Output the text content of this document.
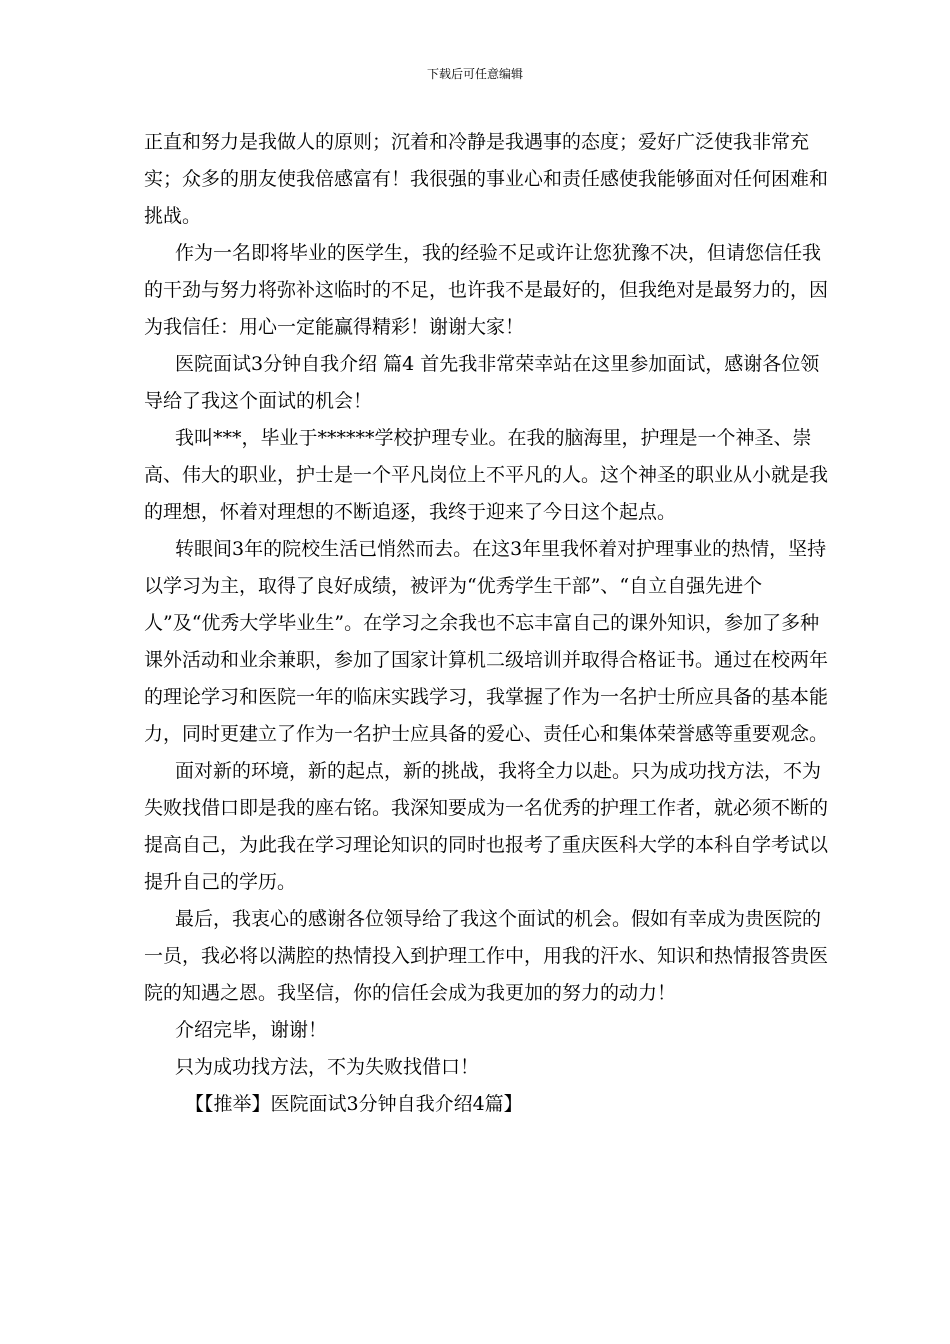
下载后可任意编辑

正直和努力是我做人的原则；沉着和冷静是我遇事的态度；爱好广泛使我非常充实；众多的朋友使我倍感富有！我很强的事业心和责任感使我能够面对任何困难和挑战。

作为一名即将毕业的医学生，我的经验不足或许让您犹豫不决，但请您信任我的干劲与努力将弥补这临时的不足，也许我不是最好的，但我绝对是最努力的，因为我信任：用心一定能赢得精彩！谢谢大家！

医院面试3分钟自我介绍 篇4 首先我非常荣幸站在这里参加面试，感谢各位领导给了我这个面试的机会！

我叫***，毕业于******学校护理专业。在我的脑海里，护理是一个神圣、崇高、伟大的职业，护士是一个平凡岗位上不平凡的人。这个神圣的职业从小就是我的理想，怀着对理想的不断追逐，我终于迎来了今日这个起点。

转眼间3年的院校生活已悄然而去。在这3年里我怀着对护理事业的热情，坚持以学习为主，取得了良好成绩，被评为“优秀学生干部”、“自立自强先进个人”及“优秀大学毕业生”。在学习之余我也不忘丰富自己的课外知识，参加了多种课外活动和业余兼职，参加了国家计算机二级培训并取得合格证书。通过在校两年的理论学习和医院一年的临床实践学习，我掌握了作为一名护士所应具备的基本能力，同时更建立了作为一名护士应具备的爱心、责任心和集体荣誉感等重要观念。

面对新的环境，新的起点，新的挑战，我将全力以赴。只为成功找方法，不为失败找借口即是我的座右铭。我深知要成为一名优秀的护理工作者，就必须不断的提高自己，为此我在学习理论知识的同时也报考了重庆医科大学的本科自学考试以提升自己的学历。

最后，我衷心的感谢各位领导给了我这个面试的机会。假如有幸成为贵医院的一员，我必将以满腔的热情投入到护理工作中，用我的汗水、知识和热情报答贵医院的知遇之恩。我坚信，你的信任会成为我更加的努力的动力！

介绍完毕，谢谢！

只为成功找方法，不为失败找借口！

【【推举】医院面试3分钟自我介绍4篇】
